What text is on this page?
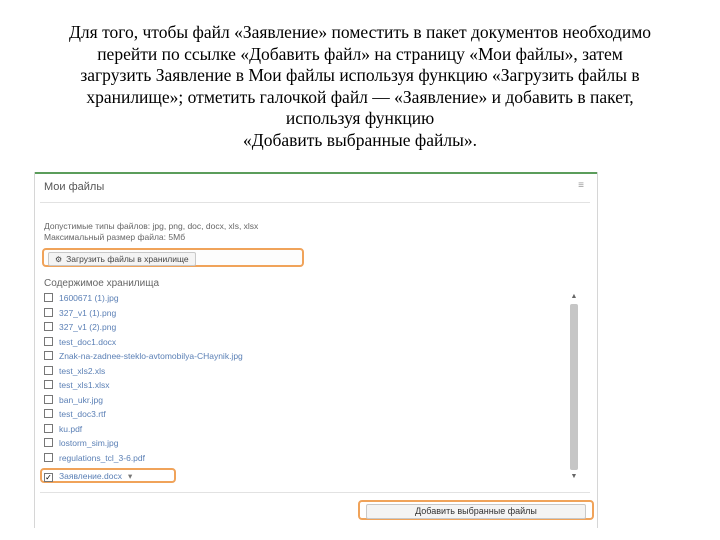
Для того, чтобы файл «Заявление» поместить в пакет документов необходимо
перейти по ссылке «Добавить файл» на страницу «Мои файлы», затем
загрузить Заявление в Мои файлы используя функцию «Загрузить файлы в
хранилище»; отметить галочкой файл — «Заявление» и добавить в пакет,
используя функцию
«Добавить выбранные файлы».
Мои файлы	≡
Допустимые типы файлов: jpg, png, doc, docx, xls, xlsx
Максимальный размер файла: 5Мб
⚙ Загрузить файлы в хранилище
Содержимое хранилища
1600671 (1).jpg
327_v1 (1).png
327_v1 (2).png
test_doc1.docx
Znak-na-zadnee-steklo-avtomobilya-CHaynik.jpg
test_xls2.xls
test_xls1.xlsx
ban_ukr.jpg
test_doc3.rtf
ku.pdf
lostorm_sim.jpg
regulations_tcl_3-6.pdf
✓ Заявление.docx ▾
▲
▼
Добавить выбранные файлы
